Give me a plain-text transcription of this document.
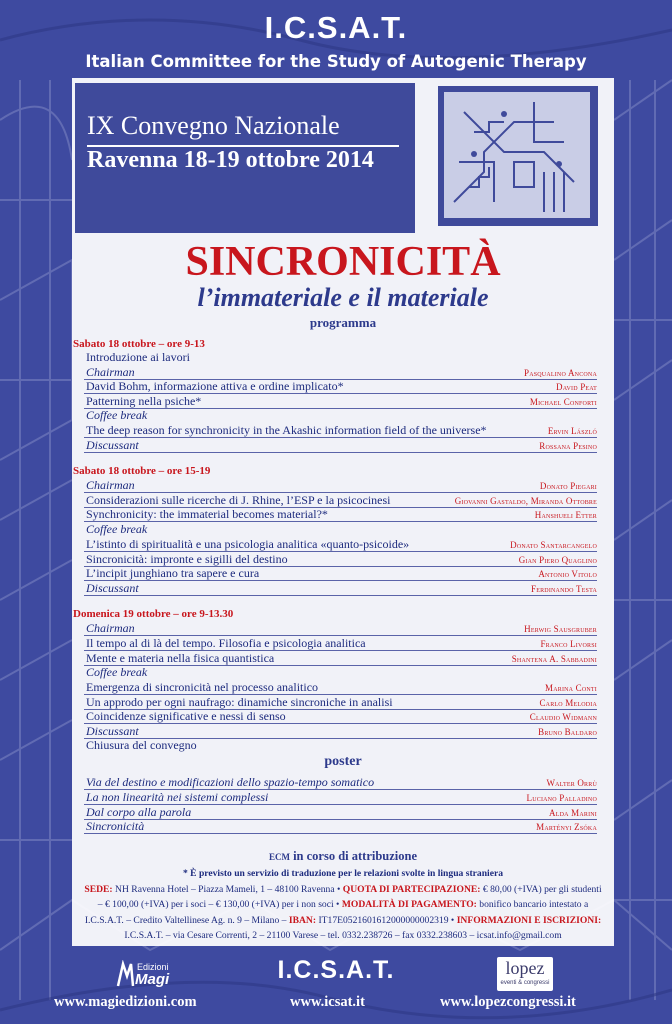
I.C.S.A.T.
Italian Committee for the Study of Autogenic Therapy
IX Convegno Nazionale
Ravenna 18-19 ottobre 2014
SINCRONICITÀ
l’immateriale e il materiale
programma
Sabato 18 ottobre – ore 9-13
Introduzione ai lavori
Chairman	Pasqualino Ancona
David Bohm, informazione attiva e ordine implicato*	David Peat
Patterning nella psiche*	Michael Conforti
Coffee break
The deep reason for synchronicity in the Akashic information field of the universe*	Ervin László
Discussant	Rossana Pesino
Sabato 18 ottobre – ore 15-19
Chairman	Donato Piegari
Considerazioni sulle ricerche di J. Rhine, l’ESP e la psicocinesi	Giovanni Gastaldo, Miranda Ottobre
Synchronicity: the immaterial becomes material?*	Hanshueli Etter
Coffee break
L’istinto di spiritualità e una psicologia analitica «quanto-psicoide»	Donato Santarcangelo
Sincronicità: impronte e sigilli del destino	Gian Piero Quaglino
L’incipit junghiano tra sapere e cura	Antonio Vitolo
Discussant	Ferdinando Testa
Domenica 19 ottobre – ore 9-13.30
Chairman	Herwig Sausgruber
Il tempo al di là del tempo. Filosofia e psicologia analitica	Franco Livorsi
Mente e materia nella fisica quantistica	Shantena A. Sabbadini
Coffee break
Emergenza di sincronicità nel processo analitico	Marina Conti
Un approdo per ogni naufrago: dinamiche sincroniche in analisi	Carlo Melodia
Coincidenze significative e nessi di senso	Claudio Widmann
Discussant	Bruno Baldaro
Chiusura del convegno
poster
Via del destino e modificazioni dello spazio-tempo somatico	Walter Orrù
La non linearità nei sistemi complessi	Luciano Palladino
Dal corpo alla parola	Alda Marini
Sincronicità	Martényi Zsóka
ECM in corso di attribuzione
* È previsto un servizio di traduzione per le relazioni svolte in lingua straniera
SEDE: NH Ravenna Hotel – Piazza Mameli, 1 – 48100 Ravenna • QUOTA DI PARTECIPAZIONE: € 80,00 (+IVA) per gli studenti – € 100,00 (+IVA) per i soci – € 130,00 (+IVA) per i non soci • MODALITÀ DI PAGAMENTO: bonifico bancario intestato a I.C.S.A.T. – Credito Valtellinese Ag. n. 9 – Milano – IBAN: IT17E0521601612000000002319 • INFORMAZIONI E ISCRIZIONI: I.C.S.A.T. – via Cesare Correnti, 2 – 21100 Varese – tel. 0332.238726 – fax 0332.238603 – icsat.info@gmail.com
Edizioni
Magi	I.C.S.A.T.	lopez
eventi & congressi
www.magiedizioni.com	www.icsat.it	www.lopezcongressi.it
